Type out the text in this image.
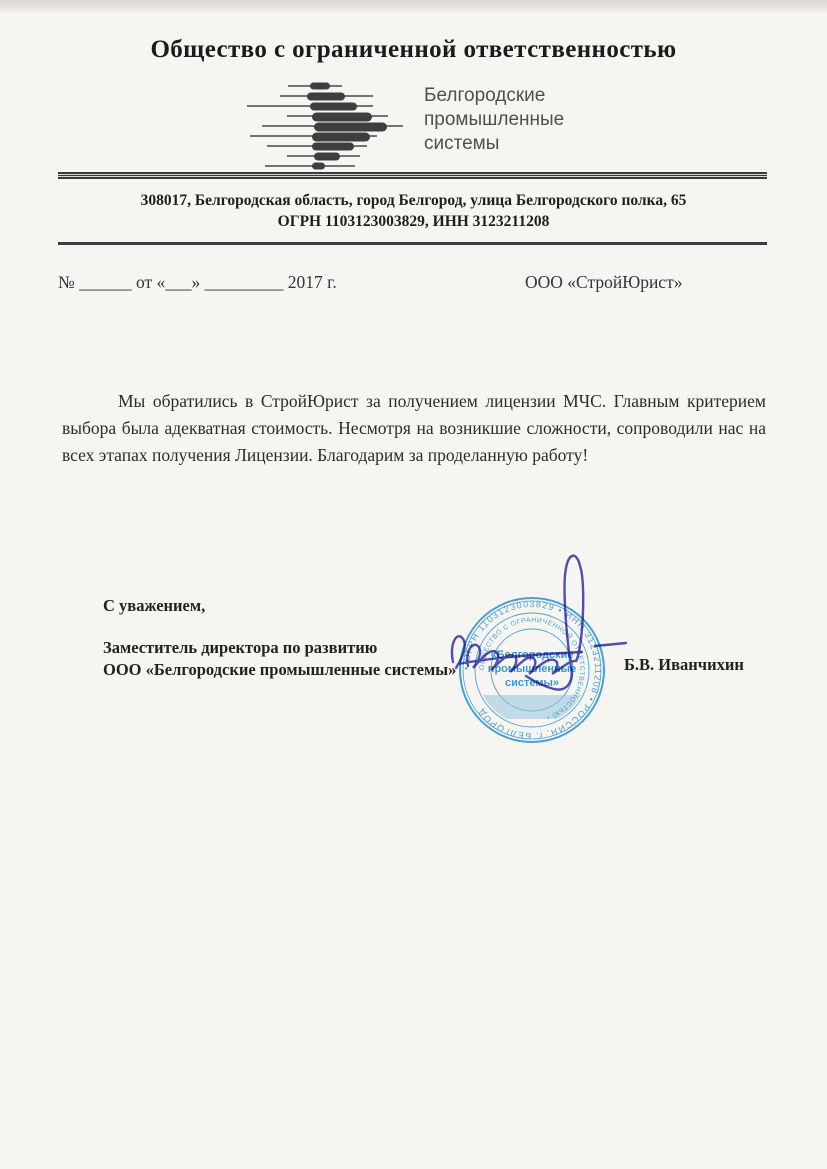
Общество с ограниченной ответственностью
Белгородские
промышленные
системы
308017, Белгородская область, город Белгород, улица Белгородского полка, 65
ОГРН 1103123003829, ИНН 3123211208
№ ______ от «___» _________ 2017 г.	ООО «СтройЮрист»
Мы обратились в СтройЮрист за получением лицензии МЧС. Главным критерием выбора была адекватная стоимость. Несмотря на возникшие сложности, сопроводили нас на всех этапах получения Лицензии. Благодарим за проделанную работу!
С уважением,
Заместитель директора по развитию
ООО «Белгородские промышленные системы»	Б.В. Иванчихин
• ОГРН 1103123003829 • ИНН 3123211208 • РОССИЯ, г. БЕЛГОРОД
ОБЩЕСТВО С ОГРАНИЧЕННОЙ ОТВЕТСТВЕННОСТЬЮ •
«Белгородские
промышленные
системы»
